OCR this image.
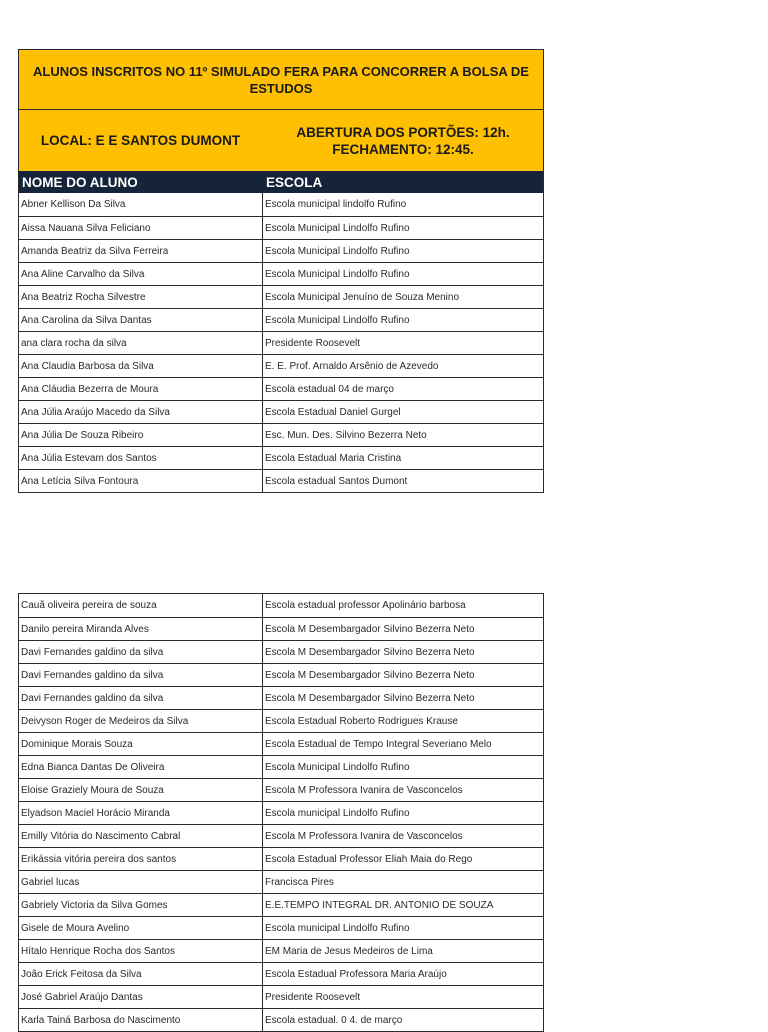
ALUNOS INSCRITOS NO 11º SIMULADO FERA PARA CONCORRER A BOLSA DE ESTUDOS
LOCAL: E E SANTOS DUMONT
ABERTURA DOS PORTÕES: 12h.
FECHAMENTO: 12:45.
NOME DO ALUNO	ESCOLA
Abner Kellison Da Silva	Escola municipal lindolfo Rufino
Aissa Nauana Silva Feliciano	Escola Municipal Lindolfo Rufino
Amanda Beatriz da Silva Ferreira	Escola Municipal Lindolfo Rufino
Ana Aline Carvalho da Silva	Escola Municipal Lindolfo Rufino
Ana Beatriz Rocha Silvestre	Escola Municipal Jenuíno de Souza Menino
Ana Carolina da Silva Dantas	Escola Municipal Lindolfo Rufino
ana clara rocha da silva	Presidente Roosevelt
Ana Claudia Barbosa da Silva	E. E. Prof. Arnaldo Arsênio de Azevedo
Ana Cláudia Bezerra de Moura	Escola estadual 04 de março
Ana Júlia Araújo Macedo da Silva	Escola Estadual Daniel Gurgel
Ana Júlia De Souza Ribeiro	Esc. Mun. Des. Silvino Bezerra Neto
Ana Júlia Estevam dos Santos	Escola Estadual Maria Cristina
Ana Letícia Silva Fontoura	Escola estadual Santos Dumont
Cauã oliveira pereira de souza	Escola estadual professor Apolinário barbosa
Danilo pereira Miranda Alves	Escola M Desembargador Silvino Bezerra Neto
Davi Fernandes galdino da silva	Escola M Desembargador Silvino Bezerra Neto
Davi Fernandes galdino da silva	Escola M Desembargador Silvino Bezerra Neto
Davi Fernandes galdino da silva	Escola M Desembargador Silvino Bezerra Neto
Deivyson Roger de Medeiros da Silva	Escola Estadual Roberto Rodrigues Krause
Dominique Morais Souza	Escola Estadual de Tempo Integral Severiano Melo
Edna Bianca Dantas De Oliveira	Escola Municipal Lindolfo Rufino
Eloise Graziely Moura de Souza	Escola M Professora Ivanira de Vasconcelos
Elyadson Maciel Horácio Miranda	Escola municipal Lindolfo Rufino
Emilly Vitória do Nascimento Cabral	Escola M Professora Ivanira de Vasconcelos
Erikássia vitória pereira dos santos	Escola Estadual Professor Eliah Maia do Rego
Gabriel lucas	Francisca Pires
Gabriely Victoria da Silva Gomes	E.E.TEMPO INTEGRAL DR. ANTONIO DE SOUZA
Gisele de Moura Avelino	Escola municipal Lindolfo Rufino
Hítalo Henrique Rocha dos Santos	EM Maria de Jesus Medeiros de Lima
João Erick Feitosa da Silva	Escola Estadual Professora Maria Araújo
José Gabriel Araújo Dantas	Presidente Roosevelt
Karla Tainá Barbosa do Nascimento	Escola estadual. 0 4. de março
